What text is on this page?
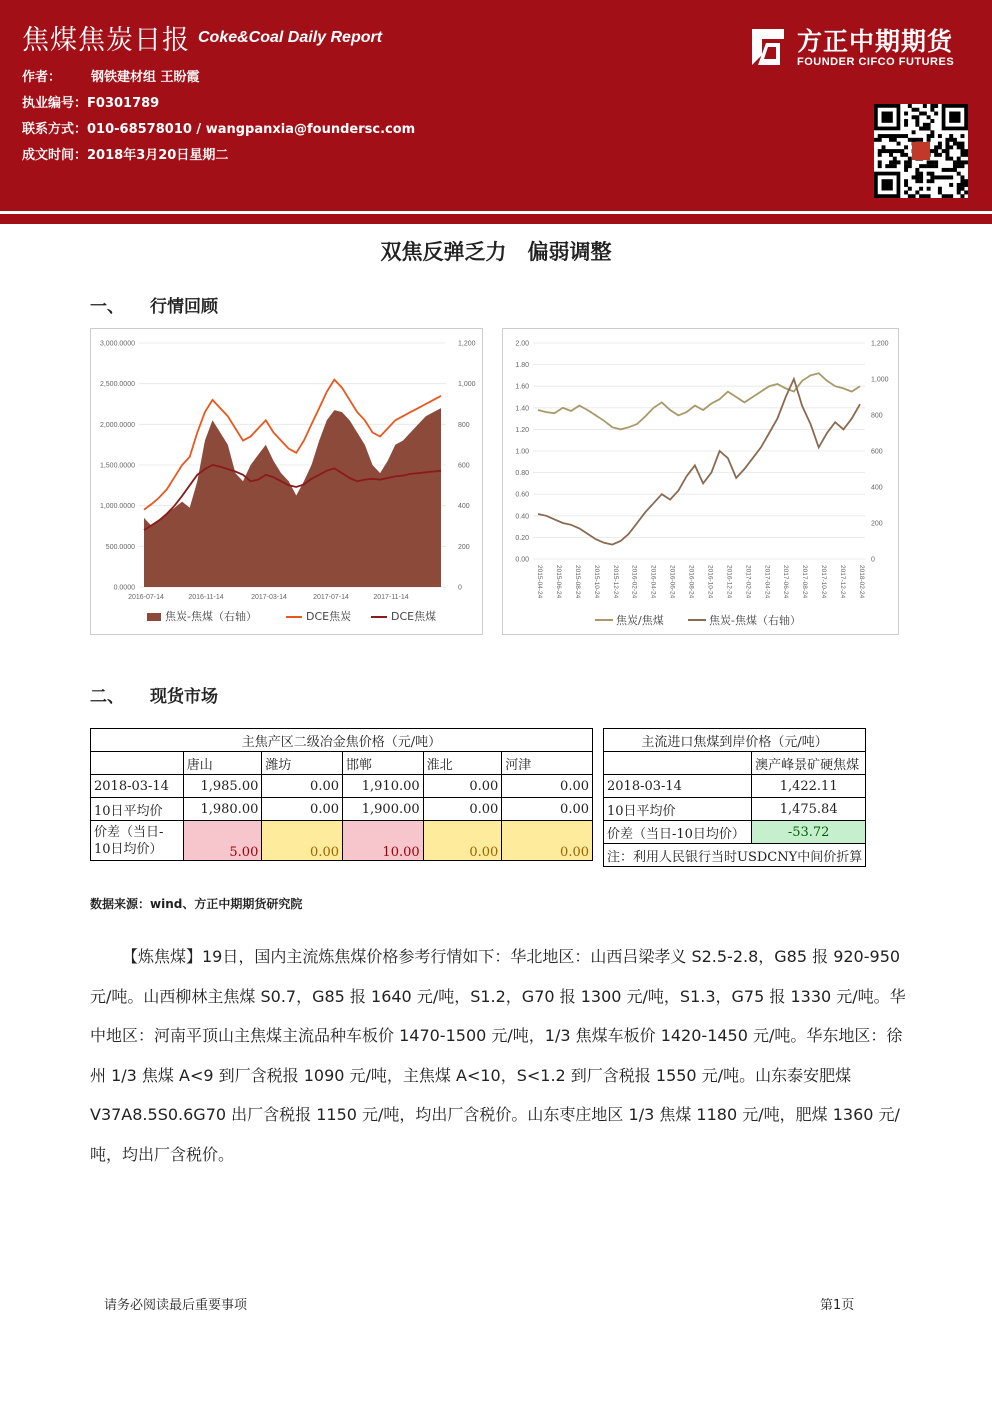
焦煤焦炭日报 Coke&Coal Daily Report
作者： 钢铁建材组 王盼霞
执业编号：F0301789
联系方式：010-68578010 / wangpanxia@foundersc.com
成文时间：2018年3月20日星期二
方正中期期货
FOUNDER CIFCO FUTURES
双焦反弹乏力　偏弱调整
一、 行情回顾
0.0000
500.0000
1,000.0000
1,500.0000
2,000.0000
2,500.0000
3,000.0000
0
200
400
600
800
1,000
1,200
2016-07-14	2016-11-14	2017-03-14	2017-07-14	2017-11-14
焦炭-焦煤（右轴）	DCE焦炭	DCE焦煤
0.00
0.20
0.40
0.60
0.80
1.00
1.20
1.40
1.60
1.80
2.00
0
200
400
600
800
1,000
1,200
2015-04-24 2015-06-24 2015-08-24 2015-10-24 2015-12-24 2016-02-24 2016-04-24 2016-06-24 2016-08-24 2016-10-24 2016-12-24 2017-02-24 2017-04-24 2017-06-24 2017-08-24 2017-10-24 2017-12-24 2018-02-24
焦炭/焦煤	焦炭-焦煤（右轴）
二、 现货市场
主焦产区二级冶金焦价格（元/吨）					
	唐山	潍坊	邯郸	淮北	河津
2018-03-14	1,985.00	0.00	1,910.00	0.00	0.00
10日平均价	1,980.00	0.00	1,900.00	0.00	0.00

价差（当日-
10日均价）	5.00	0.00	10.00	0.00	0.00
主流进口焦煤到岸价格（元/吨）	
	澳产峰景矿硬焦煤
2018-03-14	1,422.11
10日平均价	1,475.84
价差（当日-10日均价）	-53.72
注：利用人民银行当时USDCNY中间价折算	
数据来源：wind、方正中期期货研究院
【炼焦煤】19日，国内主流炼焦煤价格参考行情如下：华北地区：山西吕梁孝义 S2.5-2.8，G85 报 920-950 元/吨。山西柳林主焦煤 S0.7，G85 报 1640 元/吨，S1.2，G70 报 1300 元/吨，S1.3，G75 报 1330 元/吨。华中地区：河南平顶山主焦煤主流品种车板价 1470-1500 元/吨，1/3 焦煤车板价 1420-1450 元/吨。华东地区：徐州 1/3 焦煤 A<9 到厂含税报 1090 元/吨，主焦煤 A<10，S<1.2 到厂含税报 1550 元/吨。山东泰安肥煤 V37A8.5S0.6G70 出厂含税报 1150 元/吨，均出厂含税价。山东枣庄地区 1/3 焦煤 1180 元/吨，肥煤 1360 元/吨，均出厂含税价。
请务必阅读最后重要事项	第1页
